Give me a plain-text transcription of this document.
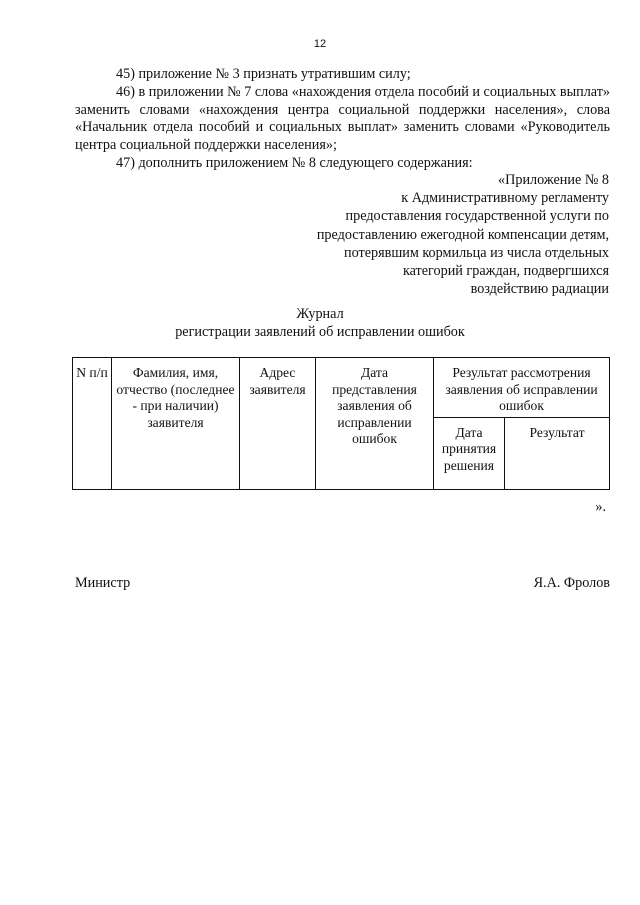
12

45) приложение № 3 признать утратившим силу;

46) в приложении № 7 слова «нахождения отдела пособий и социальных выплат» заменить словами «нахождения центра социальной поддержки населения», слова «Начальник отдела пособий и социальных выплат» заменить словами «Руководитель центра социальной поддержки населения»;

47) дополнить приложением № 8 следующего содержания:

«Приложение № 8
к Административному регламенту
предоставления государственной услуги по
предоставлению ежегодной компенсации детям,
потерявшим кормильца из числа отдельных
категорий граждан, подвергшихся
воздействию радиации
Журнал
регистрации заявлений об исправлении ошибок
N п/п	Фамилия, имя, отчество (последнее - при наличии) заявителя	Адрес заявителя	Дата представления заявления об исправлении ошибок	Результат рассмотрения заявления об исправлении ошибок	
				Дата принятия решения	Результат
».
Министр	Я.А. Фролов
